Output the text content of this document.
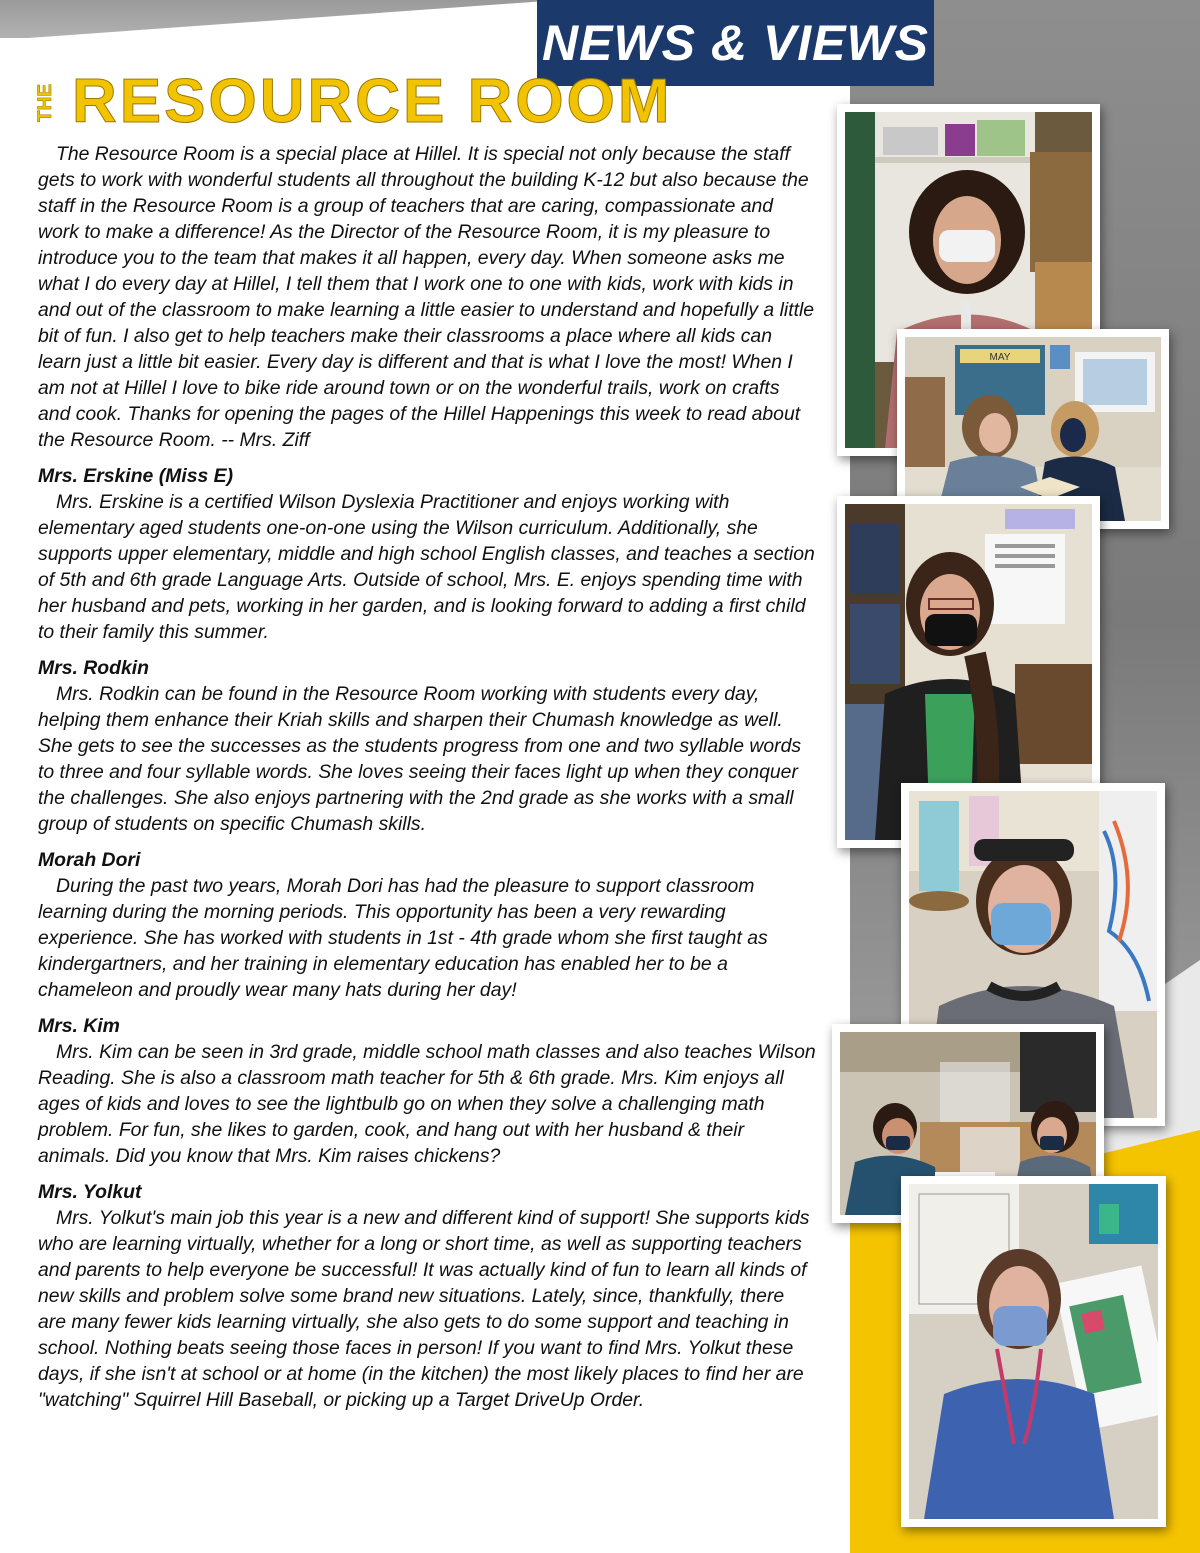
NEWS & VIEWS
THE RESOURCE ROOM

The Resource Room is a special place at Hillel. It is special not only because the staff gets to work with wonderful students all throughout the building K-12 but also because the staff in the Resource Room is a group of teachers that are caring, compassionate and work to make a difference! As the Director of the Resource Room, it is my pleasure to introduce you to the team that makes it all happen, every day. When someone asks me what I do every day at Hillel, I tell them that I work one to one with kids, work with kids in and out of the classroom to make learning a little easier to understand and hopefully a little bit of fun. I also get to help teachers make their classrooms a place where all kids can learn just a little bit easier. Every day is different and that is what I love the most! When I am not at Hillel I love to bike ride around town or on the wonderful trails, work on crafts and cook. Thanks for opening the pages of the Hillel Happenings this week to read about the Resource Room. -- Mrs. Ziff

Mrs. Erskine (Miss E)

Mrs. Erskine is a certified Wilson Dyslexia Practitioner and enjoys working with elementary aged students one-on-one using the Wilson curriculum. Additionally, she supports upper elementary, middle and high school English classes, and teaches a section of 5th and 6th grade Language Arts. Outside of school, Mrs. E. enjoys spending time with her husband and pets, working in her garden, and is looking forward to adding a first child to their family this summer.

Mrs. Rodkin

Mrs. Rodkin can be found in the Resource Room working with students every day, helping them enhance their Kriah skills and sharpen their Chumash knowledge as well. She gets to see the successes as the students progress from one and two syllable words to three and four syllable words. She loves seeing their faces light up when they conquer the challenges. She also enjoys partnering with the 2nd grade as she works with a small group of students on specific Chumash skills.

Morah Dori

During the past two years, Morah Dori has had the pleasure to support classroom learning during the morning periods. This opportunity has been a very rewarding experience. She has worked with students in 1st - 4th grade whom she first taught as kindergartners, and her training in elementary education has enabled her to be a chameleon and proudly wear many hats during her day!

Mrs. Kim

Mrs. Kim can be seen in 3rd grade, middle school math classes and also teaches Wilson Reading. She is also a classroom math teacher for 5th & 6th grade. Mrs. Kim enjoys all ages of kids and loves to see the lightbulb go on when they solve a challenging math problem. For fun, she likes to garden, cook, and hang out with her husband & their animals. Did you know that Mrs. Kim raises chickens?

Mrs. Yolkut

Mrs. Yolkut's main job this year is a new and different kind of support! She supports kids who are learning virtually, whether for a long or short time, as well as supporting teachers and parents to help everyone be successful! It was actually kind of fun to learn all kinds of new skills and problem solve some brand new situations. Lately, since, thankfully, there are many fewer kids learning virtually, she also gets to do some support and teaching in school. Nothing beats seeing those faces in person! If you want to find Mrs. Yolkut these days, if she isn't at school or at home (in the kitchen) the most likely places to find her are "watching" Squirrel Hill Baseball, or picking up a Target DriveUp Order.

MAY
